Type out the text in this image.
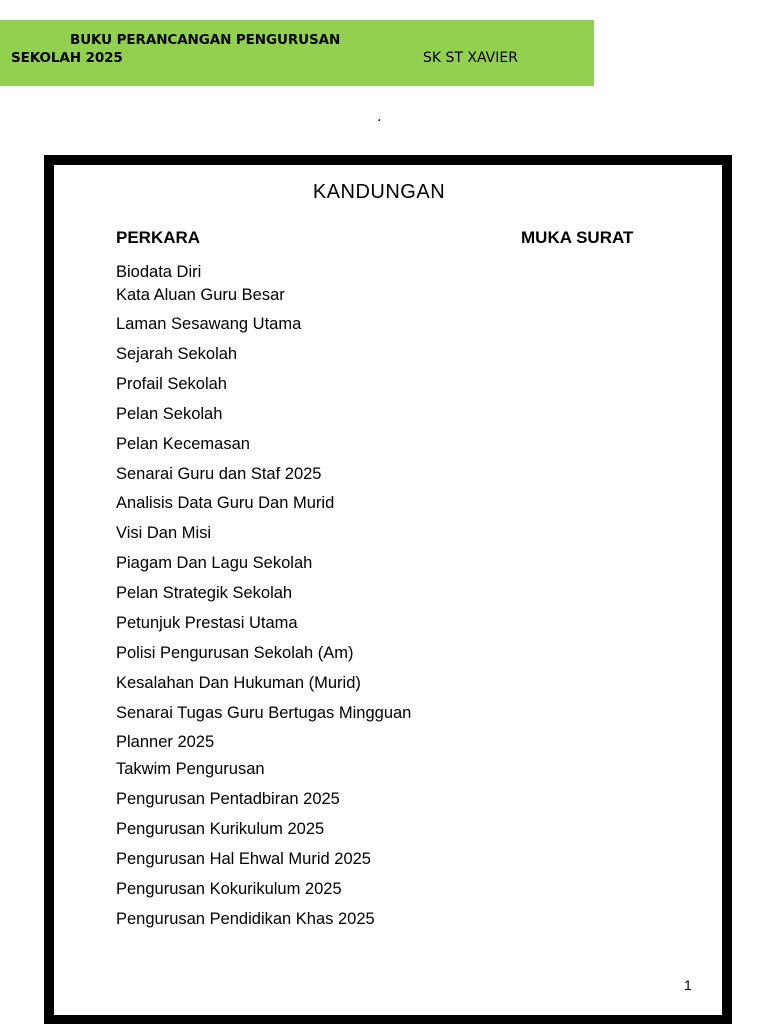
BUKU PERANCANGAN PENGURUSAN
SEKOLAH 2025	SK ST XAVIER
.
KANDUNGAN
PERKARA	MUKA SURAT
Biodata Diri
Kata Aluan Guru Besar
Laman Sesawang Utama
Sejarah Sekolah
Profail Sekolah
Pelan Sekolah
Pelan Kecemasan
Senarai Guru dan Staf 2025
Analisis Data Guru Dan Murid
Visi Dan Misi
Piagam Dan Lagu Sekolah
Pelan Strategik Sekolah
Petunjuk Prestasi Utama
Polisi Pengurusan Sekolah (Am)
Kesalahan Dan Hukuman (Murid)
Senarai Tugas Guru Bertugas Mingguan
Planner 2025
Takwim Pengurusan
Pengurusan Pentadbiran 2025
Pengurusan Kurikulum 2025
Pengurusan Hal Ehwal Murid 2025
Pengurusan Kokurikulum 2025
Pengurusan Pendidikan Khas 2025
1
